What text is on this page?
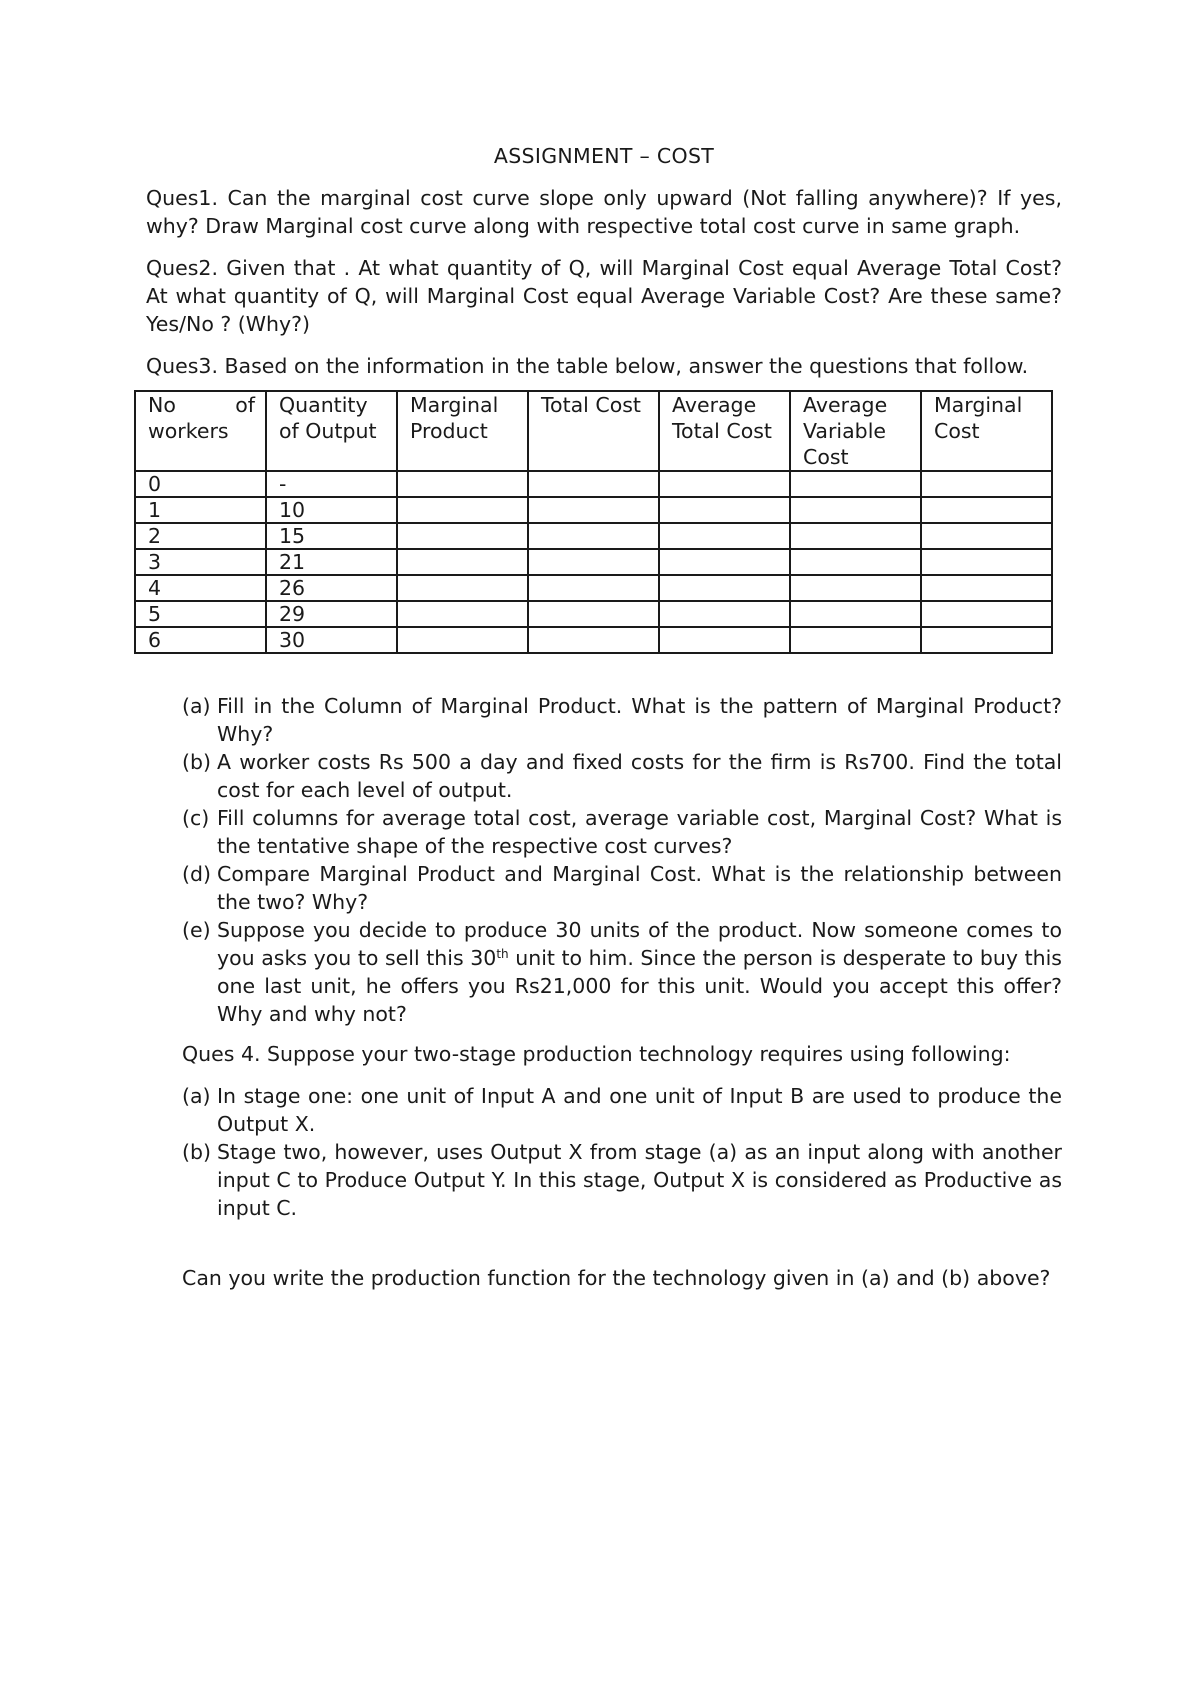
ASSIGNMENT – COST

Ques1. Can the marginal cost curve slope only upward (Not falling anywhere)? If yes, why? Draw Marginal cost curve along with respective total cost curve in same graph.

Ques2. Given that . At what quantity of Q, will Marginal Cost equal Average Total Cost? At what quantity of Q, will Marginal Cost equal Average Variable Cost? Are these same? Yes/No ? (Why?)

Ques3. Based on the information in the table below, answer the questions that follow.

No of
workers	Quantity of Output	Marginal Product	Total Cost	Average Total Cost	Average Variable Cost	Marginal Cost
0	-					
1	10					
2	15					
3	21					
4	26					
5	29					
6	30					
(a) Fill in the Column of Marginal Product. What is the pattern of Marginal Product? Why?
(b) A worker costs Rs 500 a day and fixed costs for the firm is Rs700. Find the total cost for each level of output.
(c) Fill columns for average total cost, average variable cost, Marginal Cost? What is the tentative shape of the respective cost curves?
(d) Compare Marginal Product and Marginal Cost. What is the relationship between the two? Why?
(e) Suppose you decide to produce 30 units of the product. Now someone comes to you asks you to sell this 30th unit to him. Since the person is desperate to buy this one last unit, he offers you Rs21,000 for this unit. Would you accept this offer? Why and why not?

Ques 4. Suppose your two-stage production technology requires using following:

(a) In stage one: one unit of Input A and one unit of Input B are used to produce the Output X.
(b) Stage two, however, uses Output X from stage (a) as an input along with another input C to Produce Output Y. In this stage, Output X is considered as Productive as input C.

Can you write the production function for the technology given in (a) and (b) above?
